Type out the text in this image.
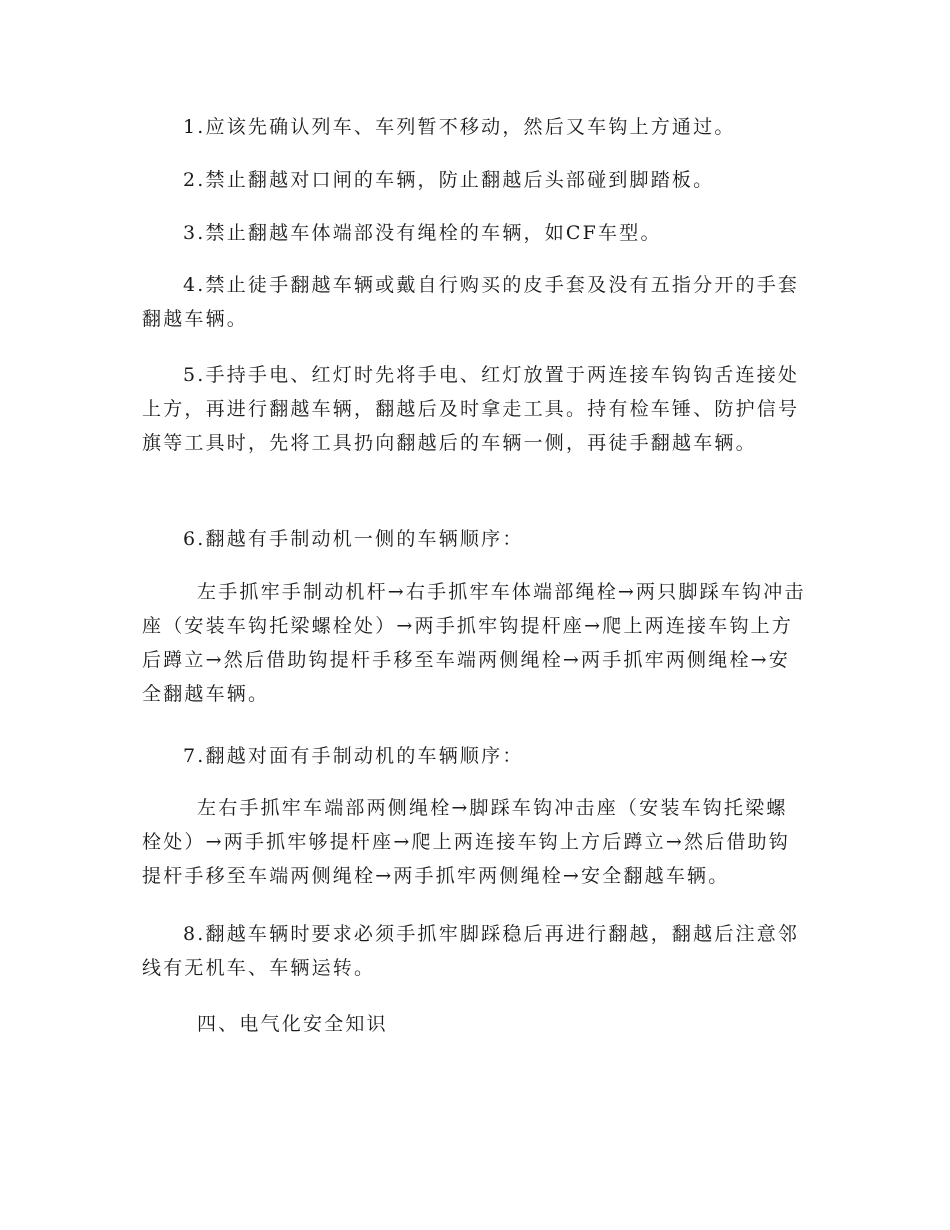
1.应该先确认列车、车列暂不移动，然后又车钩上方通过。

2.禁止翻越对口闸的车辆，防止翻越后头部碰到脚踏板。

3.禁止翻越车体端部没有绳栓的车辆，如CF车型。

4.禁止徒手翻越车辆或戴自行购买的皮手套及没有五指分开的手套翻越车辆。

5.手持手电、红灯时先将手电、红灯放置于两连接车钩钩舌连接处上方，再进行翻越车辆，翻越后及时拿走工具。持有检车锤、防护信号旗等工具时，先将工具扔向翻越后的车辆一侧，再徒手翻越车辆。

6.翻越有手制动机一侧的车辆顺序：

左手抓牢手制动机杆→右手抓牢车体端部绳栓→两只脚踩车钩冲击座（安装车钩托梁螺栓处）→两手抓牢钩提杆座→爬上两连接车钩上方后蹲立→然后借助钩提杆手移至车端两侧绳栓→两手抓牢两侧绳栓→安全翻越车辆。

7.翻越对面有手制动机的车辆顺序：

左右手抓牢车端部两侧绳栓→脚踩车钩冲击座（安装车钩托梁螺栓处）→两手抓牢够提杆座→爬上两连接车钩上方后蹲立→然后借助钩提杆手移至车端两侧绳栓→两手抓牢两侧绳栓→安全翻越车辆。

8.翻越车辆时要求必须手抓牢脚踩稳后再进行翻越，翻越后注意邻线有无机车、车辆运转。

四、电气化安全知识
